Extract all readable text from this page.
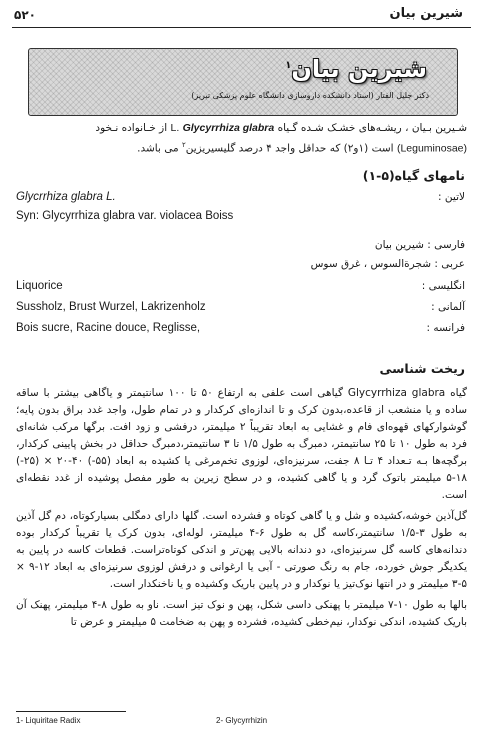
۵۲۰	شیرین بیان
شیرین بیان$^۱$
دکتر جلیل الفتار (استاد دانشکده داروسازی دانشگاه علوم پزشکی تبریز)
شـیرین بـیان ، ریشـه‌های خشـک شـده گـیاه Glycyrrhiza glabra L. از خـانواده نـخود
(Leguminosae) است (۱و۲) که حداقل واجد ۴ درصد گلیسیریزین$^۲$ می باشد.
نامهای گیاه(۵-۱)
Glycrrhiza glabra L.	لاتین :
Syn: Glycyrrhiza glabra var. violacea Boiss
فارسی : شیرین بیان
عربی : شجرةالسوس ، غرق سوس
Liquorice	انگلیسی :
Sussholz, Brust Wurzel, Lakrizenholz	آلمانی :
Bois sucre, Racine douce, Reglisse,	فرانسه :
ریخت شناسی

گیاه Glycyrrhiza glabra گیاهی است علفی به ارتفاع ۵۰ تا ۱۰۰ سانتیمتر و یاگاهی بیشتر با ساقه ساده و یا منشعب از قاعده،بدون کرک و تا اندازه‌ای کرکدار و در تمام طول، واجد غدد براق بدون پایه؛ گوشوارکهای قهوه‌ای فام و غشایی به ابعاد تقریباً ۲ میلیمتر، درفشی و زود افت. برگها مرکب شانه‌ای فرد به طول ۱۰ تا ۲۵ سانتیمتر، دمبرگ به طول ۱/۵ تا ۳ سانتیمتر،دمبرگ حداقل در بخش پایینی کرکدار، برگچه‌ها بـه تـعداد ۴ تـا ۸ جفت، سرنیزه‌ای، لوزوی تخم‌مرغی یا کشیده به ابعاد (۵۵-) ۴۰-۲۰ × (۲۵-) ۱۸-۵ میلیمتر باتوک گرد و یا گاهی کشیده، و در سطح زیرین به طور مفصل پوشیده از غدد نقطه‌ای است.

گل‌آذین خوشه،کشیده و شل و یا گاهی کوتاه و فشرده است. گلها دارای دمگلی بسیارکوتاه، دم گل آذین به طول ۳-۱/۵ سانتیمتر،کاسه گل به طول ۶-۴ میلیمتر، لوله‌ای، بدون کرک یا تقریباً کرکدار بوده دندانه‌های کاسه گل سرنیزه‌ای، دو دندانه بالایی پهن‌تر و اندکی کوتاه‌تراست. قطعات کاسه در پایین به یکدیگر جوش خورده، جام به رنگ صورتی - آبی یا ارغوانی و درفش لوزوی سرنیزه‌ای به ابعاد ۱۲-۹ × ۵-۳ میلیمتر و در انتها نوک‌تیز یا نوکدار و در پایین باریک وکشیده و یا ناخنکدار است.

بالها به طول ۱۰-۷ میلیمتر با پهنکی داسی شکل، پهن و نوک تیز است. ناو به طول ۸-۴ میلیمتر، پهنک آن باریک کشیده، اندکی نوکدار، نیم‌خطی کشیده، فشرده و پهن به ضخامت ۵ میلیمتر و عرض تا

1- Liquiritae Radix	2- Glycyrrhizin
